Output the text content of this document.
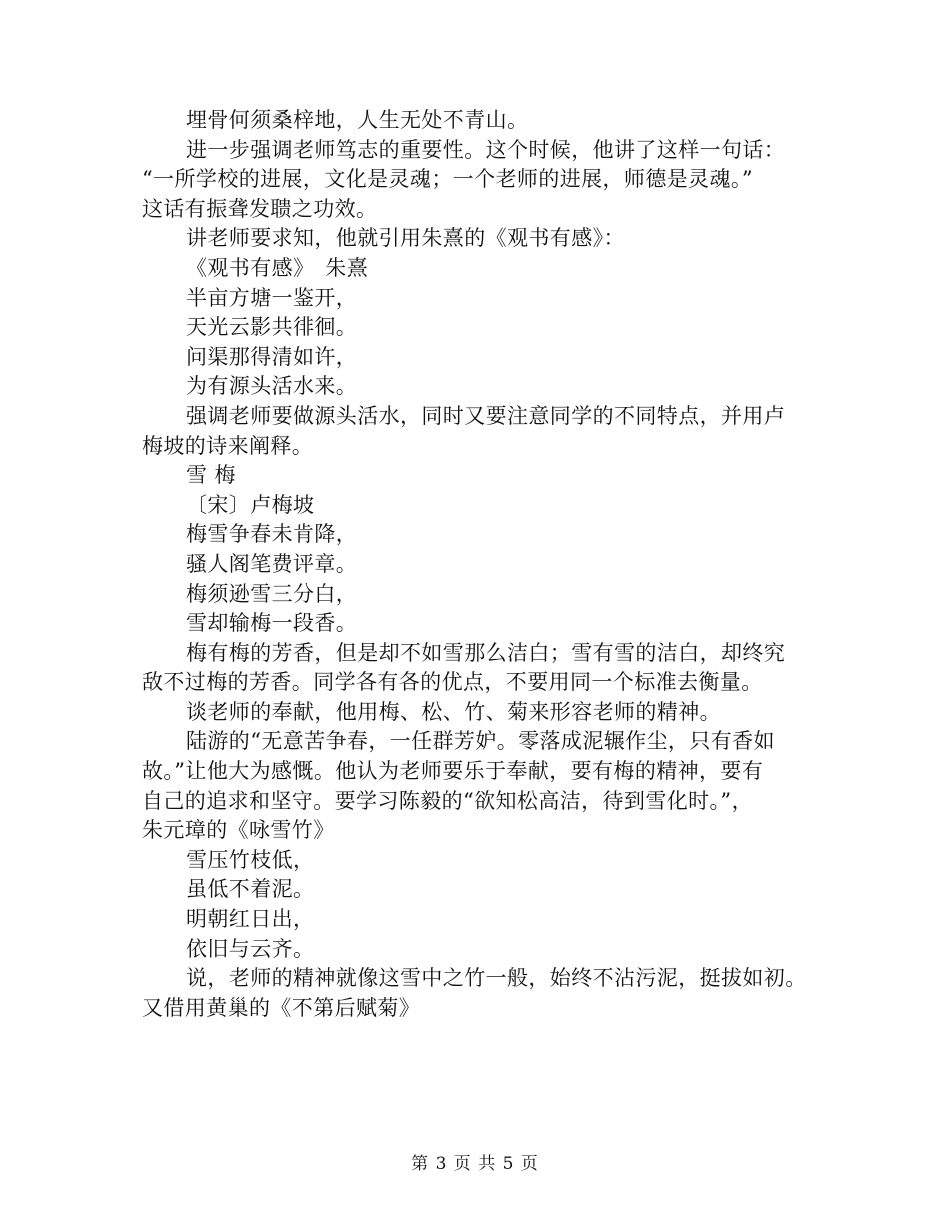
埋骨何须桑梓地，人生无处不青山。
进一步强调老师笃志的重要性。这个时候，他讲了这样一句话：
“一所学校的进展，文化是灵魂；一个老师的进展，师德是灵魂。”
这话有振聋发聩之功效。
讲老师要求知，他就引用朱熹的《观书有感》：
《观书有感》　朱熹
半亩方塘一鉴开，
天光云影共徘徊。
问渠那得清如许，
为有源头活水来。
强调老师要做源头活水，同时又要注意同学的不同特点，并用卢
梅坡的诗来阐释。
雪 梅
〔宋〕卢梅坡
梅雪争春未肯降，
骚人阁笔费评章。
梅须逊雪三分白，
雪却输梅一段香。
梅有梅的芳香，但是却不如雪那么洁白；雪有雪的洁白，却终究
敌不过梅的芳香。同学各有各的优点，不要用同一个标准去衡量。
谈老师的奉献，他用梅、松、竹、菊来形容老师的精神。
陆游的“无意苦争春，一任群芳妒。零落成泥辗作尘，只有香如
故。”让他大为感慨。他认为老师要乐于奉献，要有梅的精神，要有
自己的追求和坚守。要学习陈毅的“欲知松高洁，待到雪化时。”，
朱元璋的《咏雪竹》
雪压竹枝低，
虽低不着泥。
明朝红日出，
依旧与云齐。
说，老师的精神就像这雪中之竹一般，始终不沾污泥，挺拔如初。
又借用黄巢的《不第后赋菊》
第 3 页 共 5 页
